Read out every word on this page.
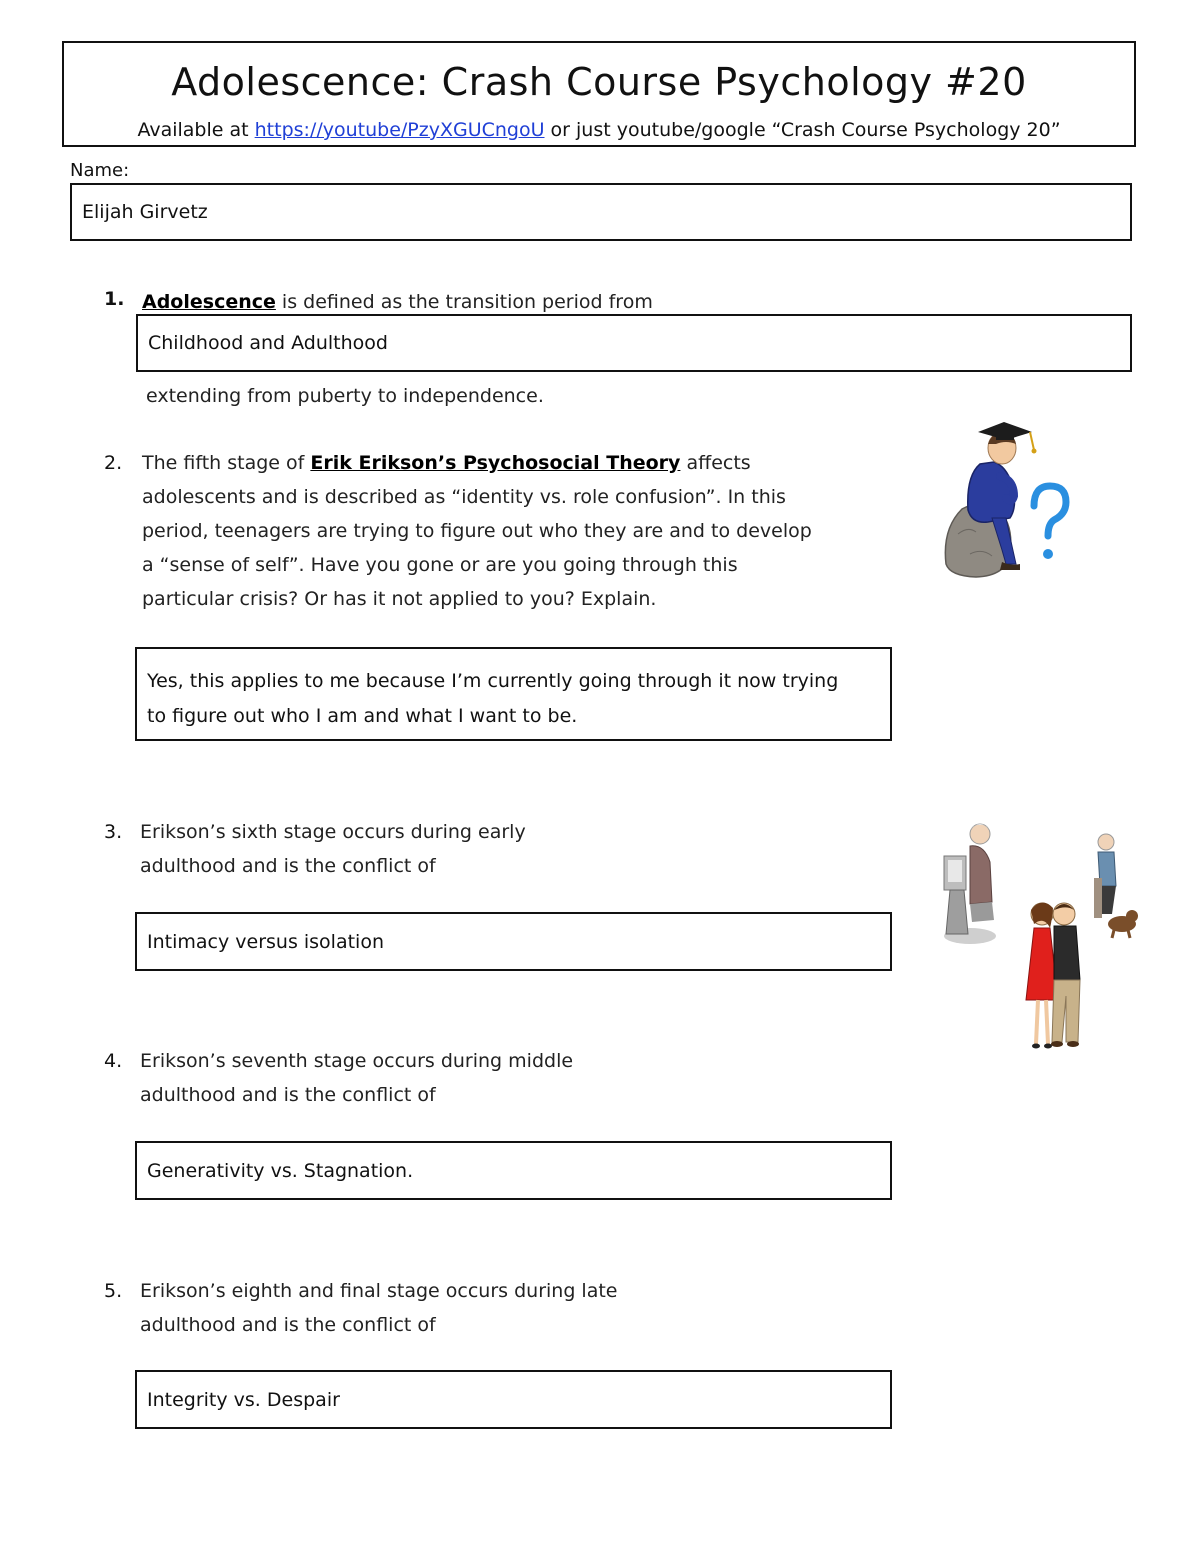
Adolescence: Crash Course Psychology #20
Available at https://youtube/PzyXGUCngoU or just youtube/google “Crash Course Psychology 20”
Name:
Elijah Girvetz
1. Adolescence is defined as the transition period from
Childhood and Adulthood
extending from puberty to independence.
2. The fifth stage of Erik Erikson’s Psychosocial Theory affects
adolescents and is described as “identity vs. role confusion”. In this
period, teenagers are trying to figure out who they are and to develop
a “sense of self”. Have you gone or are you going through this
particular crisis? Or has it not applied to you? Explain.
Yes, this applies to me because I’m currently going through it now trying
to figure out who I am and what I want to be.
3. Erikson’s sixth stage occurs during early
adulthood and is the conflict of
Intimacy versus isolation
4. Erikson’s seventh stage occurs during middle
adulthood and is the conflict of
Generativity vs. Stagnation.
5. Erikson’s eighth and final stage occurs during late
adulthood and is the conflict of
Integrity vs. Despair
